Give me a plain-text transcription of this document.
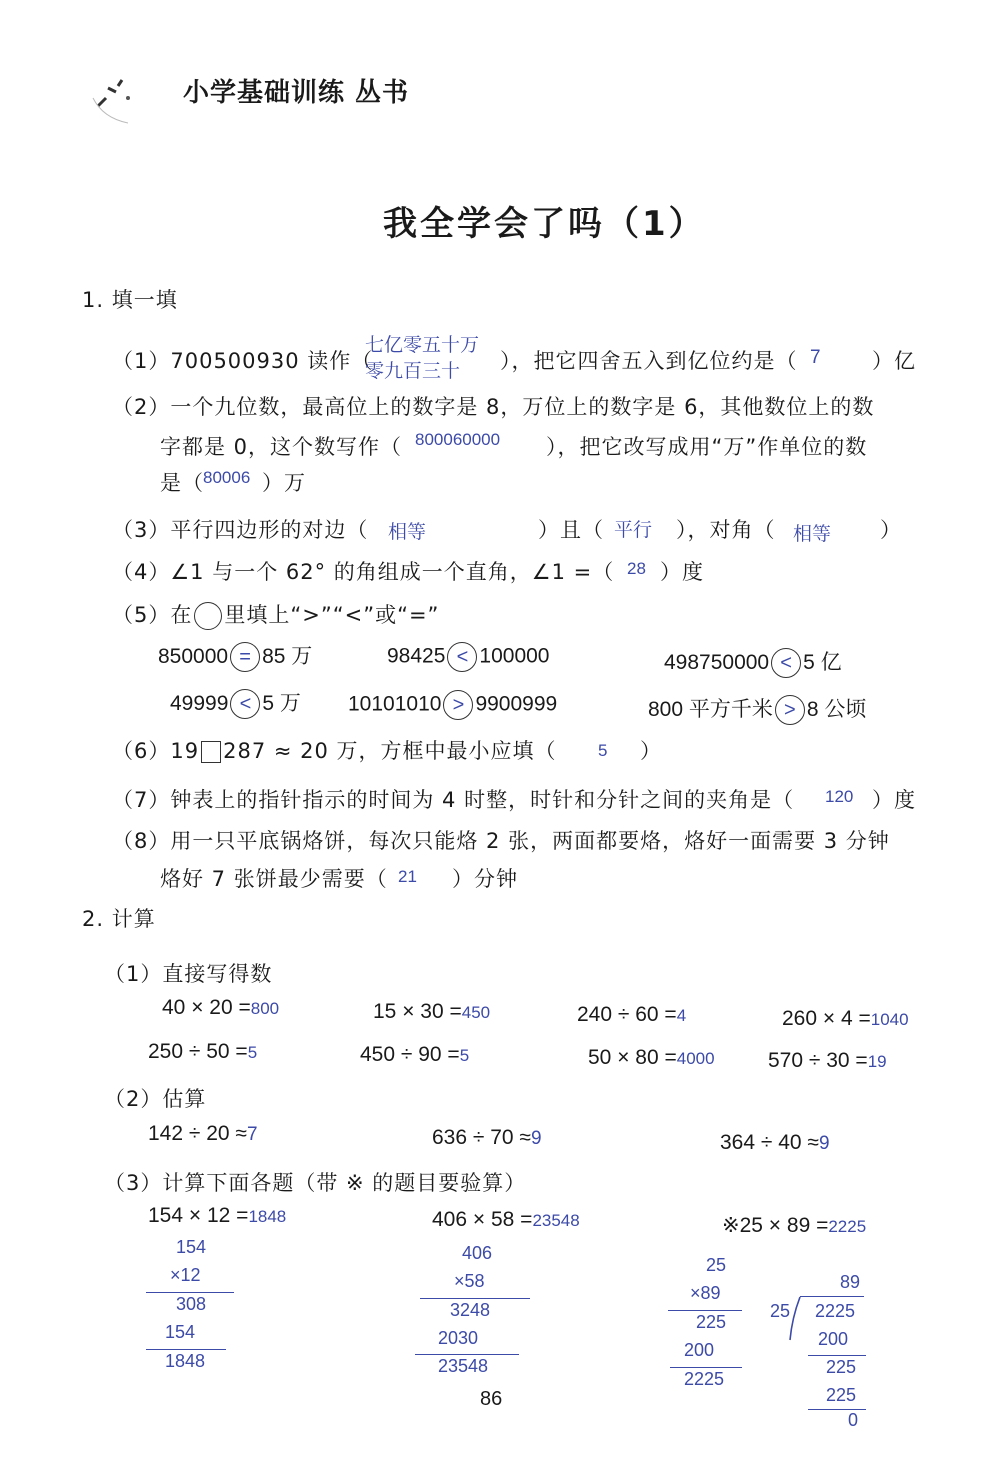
小学基础训练 丛书
我全学会了吗（1）
1. 填一填
（1）700500930 读作（
七亿零五十万
零九百三十 ），把它四舍五入到亿位约是（ 7 ）亿
（2）一个九位数，最高位上的数字是 8，万位上的数字是 6，其他数位上的数
字都是 0，这个数写作（ 800060000 ），把它改写成用“万”作单位的数
是（ 80006 ）万
（3）平行四边形的对边（ 相等	）且（ 平行 ），对角（ 相等 ）
（4）∠1 与一个 62° 的角组成一个直角，∠1 =（ 28 ）度
（5）在 里填上“>”“<”或“=”
850000 = 85 万	98425 < 100000	498750000 < 5 亿
49999 < 5 万 10101010 > 9900999	800 平方千米 > 8 公顷
（6）19 287 ≈ 20 万，方框中最小应填（ 5 ）
（7）钟表上的指针指示的时间为 4 时整，时针和分针之间的夹角是（ 120 ）度
（8）用一只平底锅烙饼，每次只能烙 2 张，两面都要烙，烙好一面需要 3 分钟
烙好 7 张饼最少需要（ 21 ）分钟
2. 计算
（1）直接写得数
40 × 20 =800	15 × 30 =450	240 ÷ 60 =4	260 × 4 =1040
250 ÷ 50 =5	450 ÷ 90 =5	50 × 80 =4000	570 ÷ 30 =19
（2）估算
142 ÷ 20 ≈7	636 ÷ 70 ≈9	364 ÷ 40 ≈9
（3）计算下面各题（带 ※ 的题目要验算）
154 × 12 =1848	406 × 58 =23548	※25 × 89 =2225
154
×12
308
154
1848
406
×58
3248
2030
23548
25
×89
225
200
2225
89
25 2225
200
225
225
0
86
